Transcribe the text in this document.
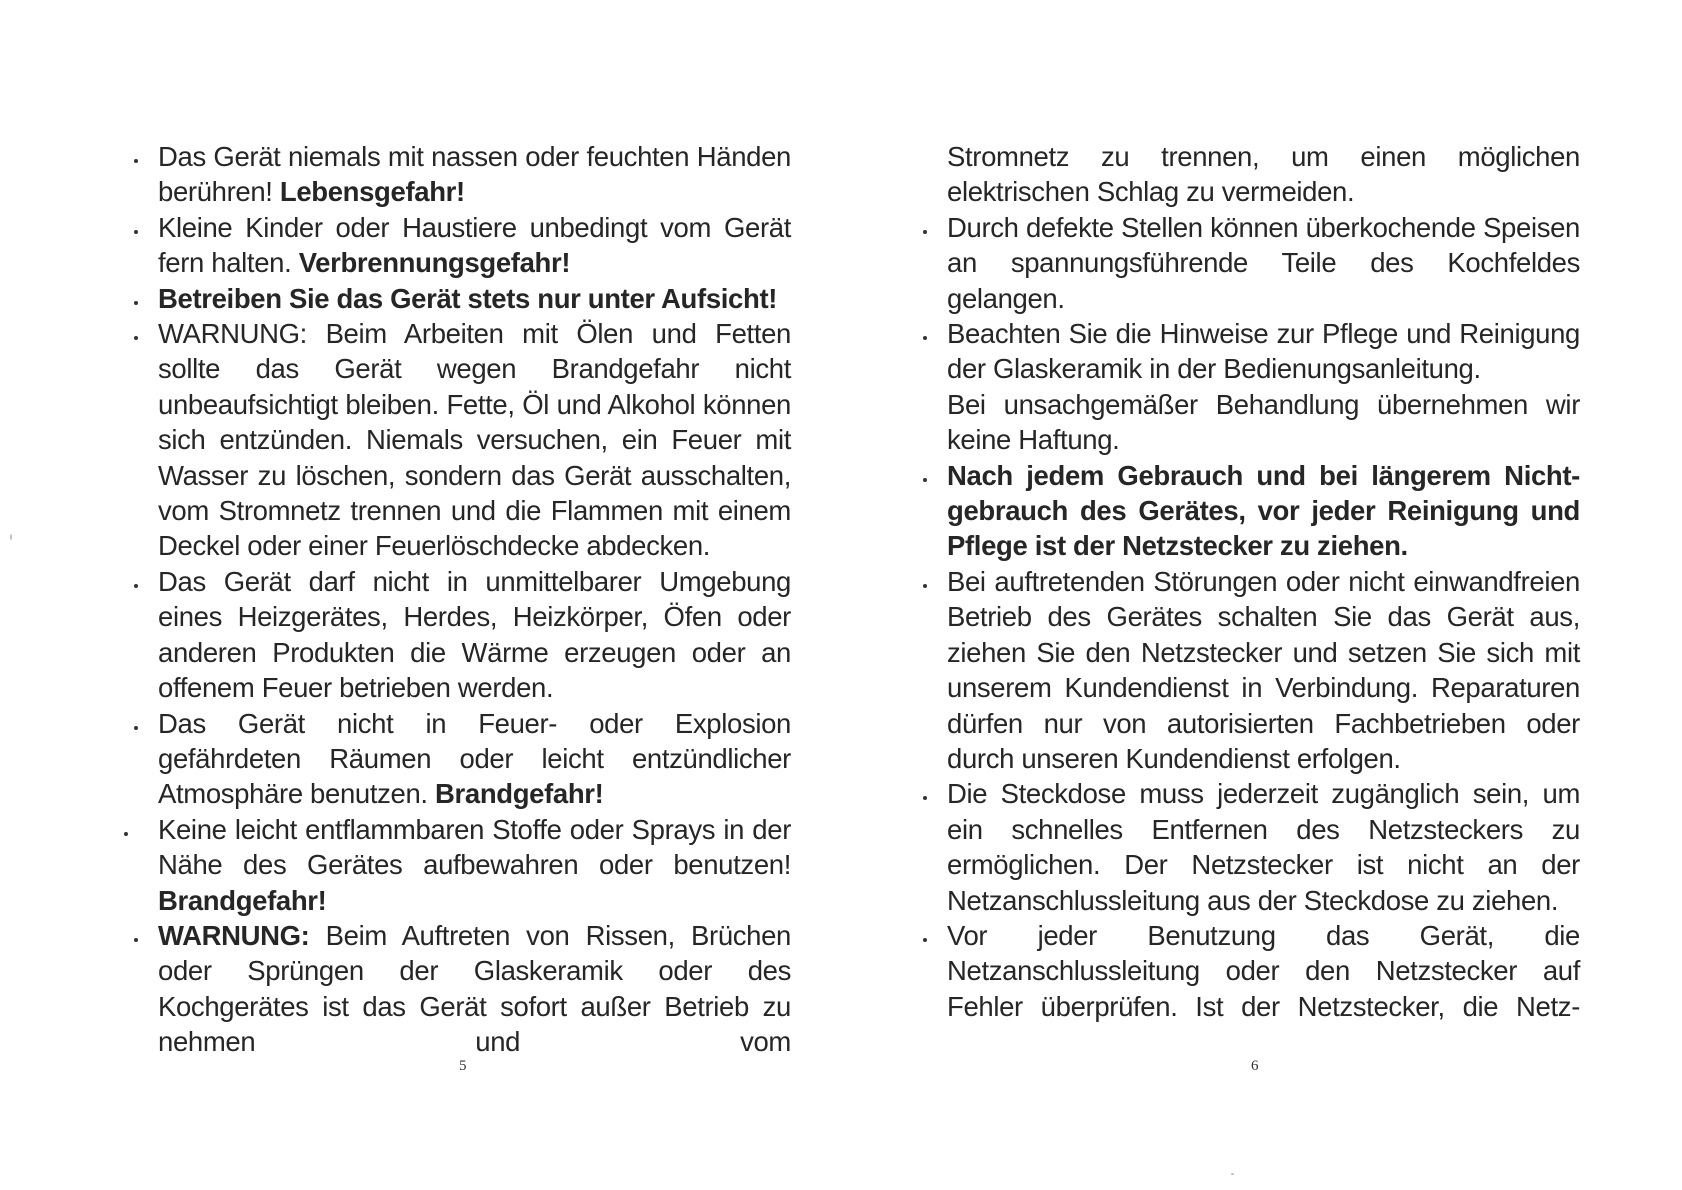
Das Gerät niemals mit nassen oder feuchten Händen berühren! Lebensgefahr!

Kleine Kinder oder Haustiere unbedingt vom Gerät fern halten. Verbrennungsgefahr!

Betreiben Sie das Gerät stets nur unter Aufsicht!

WARNUNG: Beim Arbeiten mit Ölen und Fetten sollte das Gerät wegen Brandgefahr nicht unbeaufsichtigt bleiben. Fette, Öl und Alkohol können sich entzünden. Niemals versuchen, ein Feuer mit Wasser zu löschen, sondern das Gerät ausschalten, vom Stromnetz trennen und die Flammen mit einem Deckel oder einer Feuerlöschdecke abdecken.

Das Gerät darf nicht in unmittelbarer Umgebung eines Heizgerätes, Herdes, Heizkörper, Öfen oder anderen Produkten die Wärme erzeugen oder an offenem Feuer betrieben werden.

Das Gerät nicht in Feuer- oder Explosion gefährdeten Räumen oder leicht entzündlicher Atmosphäre benutzen. Brandgefahr!

Keine leicht entflammbaren Stoffe oder Sprays in der Nähe des Gerätes aufbewahren oder benutzen! Brandgefahr!

WARNUNG: Beim Auftreten von Rissen, Brüchen oder Sprüngen der Glaskeramik oder des Kochgerätes ist das Gerät sofort außer Betrieb zu nehmen und vom

5

Stromnetz zu trennen, um einen möglichen elektrischen Schlag zu vermeiden.

Durch defekte Stellen können überkochende Speisen an spannungsführende Teile des Kochfeldes gelangen.

Beachten Sie die Hinweise zur Pflege und Reinigung der Glaskeramik in der Bedienungsanleitung.
Bei unsachgemäßer Behandlung übernehmen wir keine Haftung.

Nach jedem Gebrauch und bei längerem Nicht-gebrauch des Gerätes, vor jeder Reinigung und Pflege ist der Netzstecker zu ziehen.

Bei auftretenden Störungen oder nicht einwandfreien Betrieb des Gerätes schalten Sie das Gerät aus, ziehen Sie den Netzstecker und setzen Sie sich mit unserem Kundendienst in Verbindung. Reparaturen dürfen nur von autorisierten Fachbetrieben oder durch unseren Kundendienst erfolgen.

Die Steckdose muss jederzeit zugänglich sein, um ein schnelles Entfernen des Netzsteckers zu ermöglichen. Der Netzstecker ist nicht an der Netzanschlussleitung aus der Steckdose zu ziehen.

Vor jeder Benutzung das Gerät, die Netzanschlussleitung oder den Netzstecker auf Fehler überprüfen. Ist der Netzstecker, die Netz-

6
